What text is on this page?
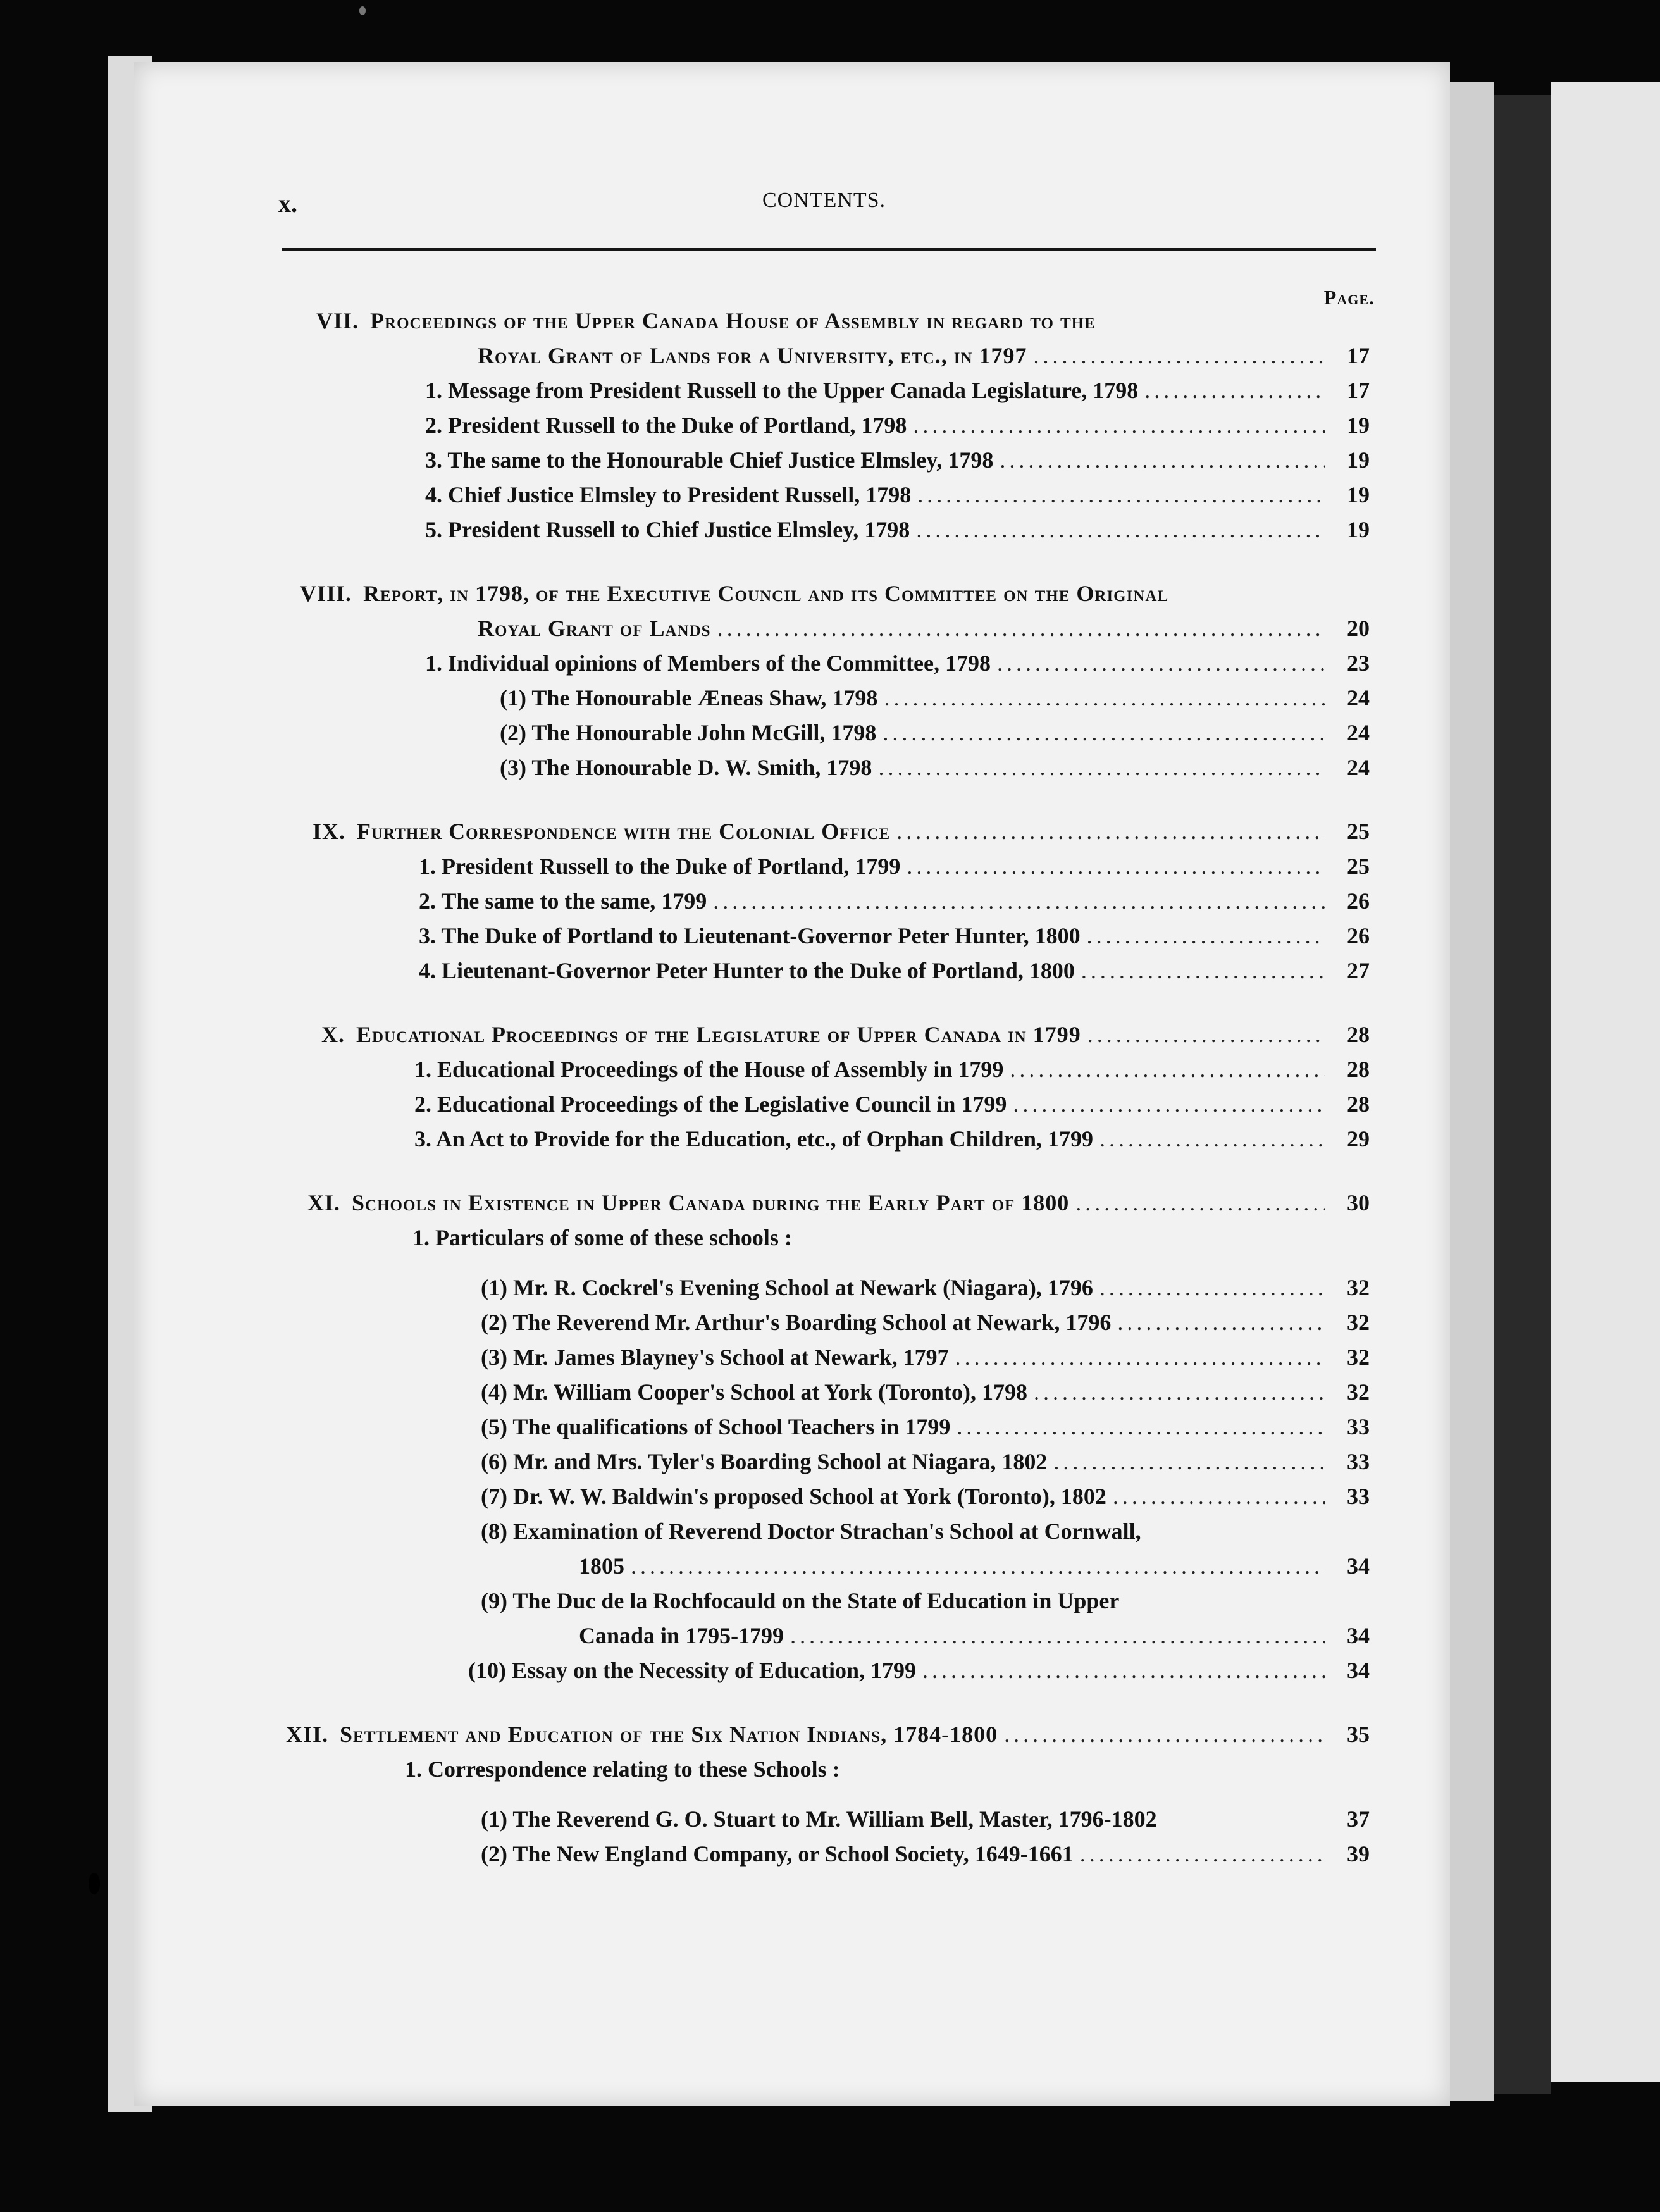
x.	CONTENTS.
Page.
VII. Proceedings of the Upper Canada House of Assembly in regard to the
Royal Grant of Lands for a University, etc., in 1797 .....	17
1. Message from President Russell to the Upper Canada Legislature, 1798 .....	17
2. President Russell to the Duke of Portland, 1798 .....	19
3. The same to the Honourable Chief Justice Elmsley, 1798 .....	19
4. Chief Justice Elmsley to President Russell, 1798 .....	19
5. President Russell to Chief Justice Elmsley, 1798 .....	19
VIII. Report, in 1798, of the Executive Council and its Committee on the Original
Royal Grant of Lands .....	20
1. Individual opinions of Members of the Committee, 1798 .....	23
(1) The Honourable Æneas Shaw, 1798 .....	24
(2) The Honourable John McGill, 1798 .....	24
(3) The Honourable D. W. Smith, 1798 .....	24
IX. Further Correspondence with the Colonial Office .....	25
1. President Russell to the Duke of Portland, 1799 .....	25
2. The same to the same, 1799 .....	26
3. The Duke of Portland to Lieutenant-Governor Peter Hunter, 1800 .....	26
4. Lieutenant-Governor Peter Hunter to the Duke of Portland, 1800 .....	27
X. Educational Proceedings of the Legislature of Upper Canada in 1799 .....	28
1. Educational Proceedings of the House of Assembly in 1799 .....	28
2. Educational Proceedings of the Legislative Council in 1799 .....	28
3. An Act to Provide for the Education, etc., of Orphan Children, 1799 .....	29
XI. Schools in Existence in Upper Canada during the Early Part of 1800 .....	30
1. Particulars of some of these schools :
(1) Mr. R. Cockrel's Evening School at Newark (Niagara), 1796 .....	32
(2) The Reverend Mr. Arthur's Boarding School at Newark, 1796 .....	32
(3) Mr. James Blayney's School at Newark, 1797 .....	32
(4) Mr. William Cooper's School at York (Toronto), 1798 .....	32
(5) The qualifications of School Teachers in 1799 .....	33
(6) Mr. and Mrs. Tyler's Boarding School at Niagara, 1802 .....	33
(7) Dr. W. W. Baldwin's proposed School at York (Toronto), 1802 .....	33
(8) Examination of Reverend Doctor Strachan's School at Cornwall,
1805 .....	34
(9) The Duc de la Rochfocauld on the State of Education in Upper
Canada in 1795-1799 .....	34
(10) Essay on the Necessity of Education, 1799 .....	34
XII. Settlement and Education of the Six Nation Indians, 1784-1800 .....	35
1. Correspondence relating to these Schools :
(1) The Reverend G. O. Stuart to Mr. William Bell, Master, 1796-1802	37
(2) The New England Company, or School Society, 1649-1661 .....	39
